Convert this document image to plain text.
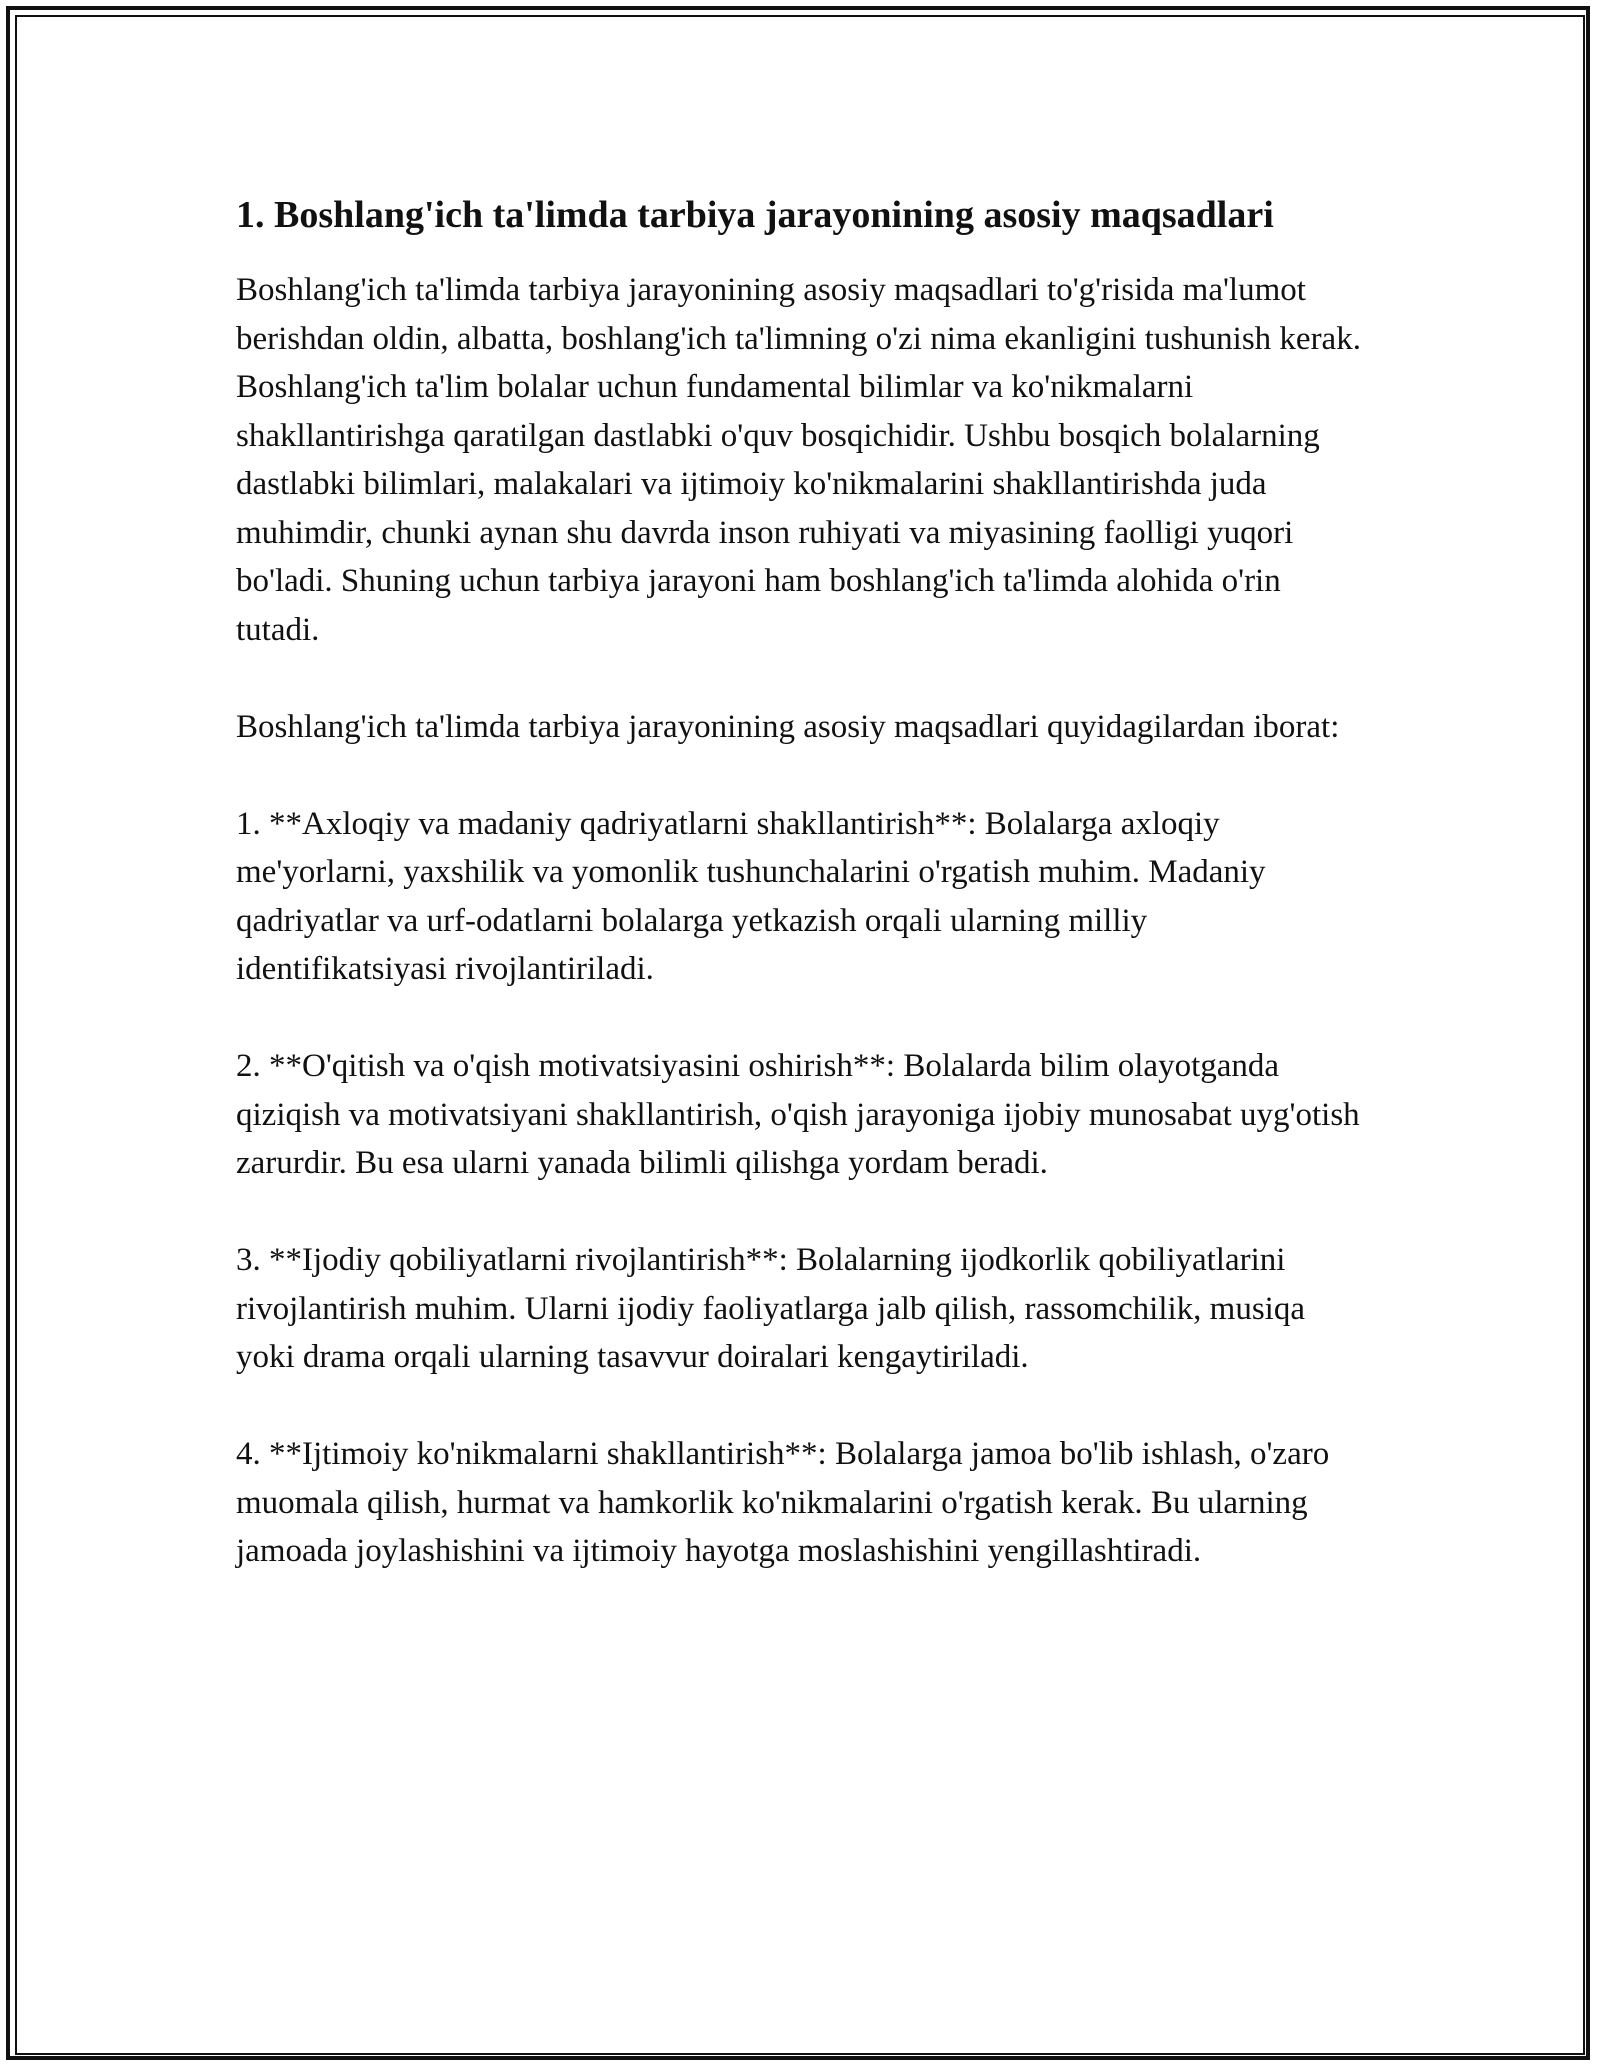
1. Boshlang'ich ta'limda tarbiya jarayonining asosiy maqsadlari

Boshlang'ich ta'limda tarbiya jarayonining asosiy maqsadlari to'g'risida ma'lumot berishdan oldin, albatta, boshlang'ich ta'limning o'zi nima ekanligini tushunish kerak. Boshlang'ich ta'lim bolalar uchun fundamental bilimlar va ko'nikmalarni shakllantirishga qaratilgan dastlabki o'quv bosqichidir. Ushbu bosqich bolalarning dastlabki bilimlari, malakalari va ijtimoiy ko'nikmalarini shakllantirishda juda muhimdir, chunki aynan shu davrda inson ruhiyati va miyasining faolligi yuqori bo'ladi. Shuning uchun tarbiya jarayoni ham boshlang'ich ta'limda alohida o'rin tutadi.

Boshlang'ich ta'limda tarbiya jarayonining asosiy maqsadlari quyidagilardan iborat:

1. **Axloqiy va madaniy qadriyatlarni shakllantirish**: Bolalarga axloqiy me'yorlarni, yaxshilik va yomonlik tushunchalarini o'rgatish muhim. Madaniy qadriyatlar va urf-odatlarni bolalarga yetkazish orqali ularning milliy identifikatsiyasi rivojlantiriladi.

2. **O'qitish va o'qish motivatsiyasini oshirish**: Bolalarda bilim olayotganda qiziqish va motivatsiyani shakllantirish, o'qish jarayoniga ijobiy munosabat uyg'otish zarurdir. Bu esa ularni yanada bilimli qilishga yordam beradi.

3. **Ijodiy qobiliyatlarni rivojlantirish**: Bolalarning ijodkorlik qobiliyatlarini rivojlantirish muhim. Ularni ijodiy faoliyatlarga jalb qilish, rassomchilik, musiqa yoki drama orqali ularning tasavvur doiralari kengaytiriladi.

4. **Ijtimoiy ko'nikmalarni shakllantirish**: Bolalarga jamoa bo'lib ishlash, o'zaro muomala qilish, hurmat va hamkorlik ko'nikmalarini o'rgatish kerak. Bu ularning jamoada joylashishini va ijtimoiy hayotga moslashishini yengillashtiradi.
